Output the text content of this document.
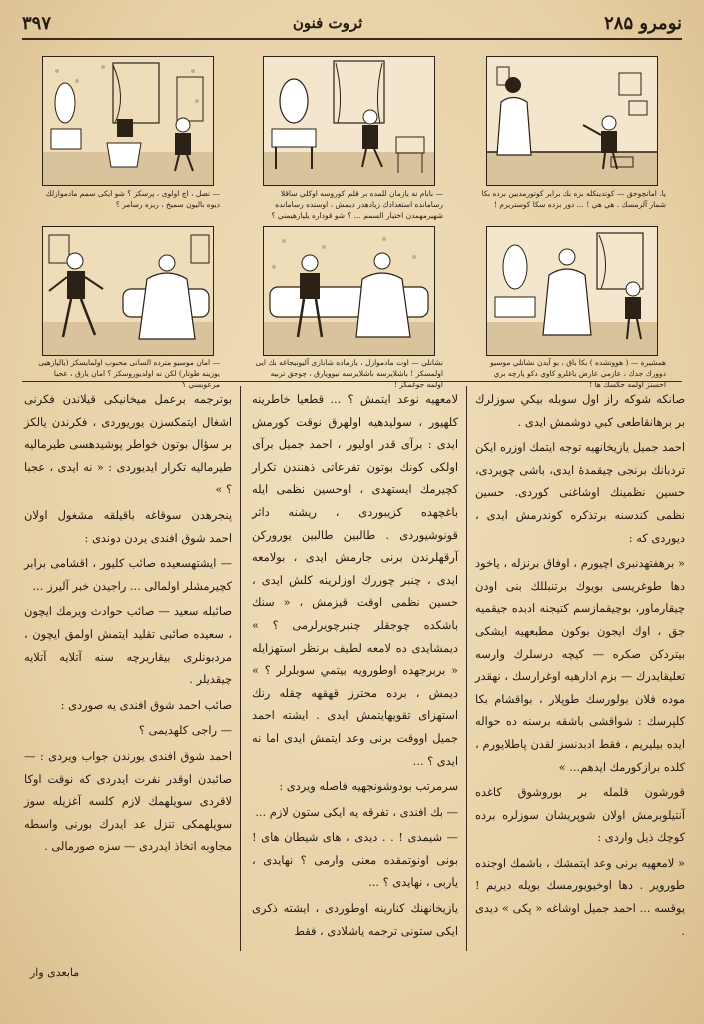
نومرو ۲۸۵
ثروت فنون
۳۹۷
يا. امانچوجق — كوتدينكله بزه بك برابر كوتورمديين برده بكا شمار آلرمسك . هي هي ! ... دور بزده سكا كوستريرم !
— بابام نه يازمان للمده بر قلم كوروسه اوكلي ساقلا رسامانده استعدادك زيادهدر ديمش ، اوسنده رسامانده شهيرمهمدن اختيار السمم ... ؟ شو قوداره يلپازهيمني ؟
— نصل ، اچ اولوى ، پرسكز ؟ شو ايكى سمم مادموازلك ديوه باليون سميخ ، ريزه رسامر ؟
همشيره — ( هوونشده ) بكا باق ، بو آيدن نشانلي موسيو دوورك جدك ، عازمي عارض ياغلرو كاوي دكو پارچه بزي احسنز اولمه جكسك ها !
نشانلي — اوت مادموازل ، يازماده شابازى آليونيجاغه بك ايى اولمسكز ! باشلايرسه باشلايرسه نيوويارق ، چوجق تربيه اولمه جوغمكز !
— امان موسيو مترده السانى محبوب اولمايسكز (يالپازهيى يوزينه طوتار) لكن نه اولديوروسكز ؟ امان يارق ، عجبا مرعوبسي ؟

صانكه شوكه راز اول سوبله بيكي سوزلرك بر برهانقاطعى كبي دوشمش ايدى .

احمد جميل يازيخانهيه توجه ايتمك اوزره ايكن تردبانك برنجى چيقمدهٔ ايدى، باشى چويردى، حسين نظمينك اوشاغنى كوردى. حسين نظمى كندسنه برتذكره كوندرمش ايدى ، ديوردى كه :

« برهفتهدنبرى اچيورم ، اوفاق برنزله ، ياخود دها طوغريسى بويوك برتنبللك بنى اودن چيقارماور، بوچيقمازسم كتيجنه ادبده جيقميه جق ، اوك ايجون بوكون مطبعهيه ايشكى بيتردكن صكره — كيچه درسلرك وارسه تعليقايدرك — بزم ادارهيه اوغرارسك ، نهقدر موده فلان بولورسك طوپلار ، بواقشام بكا كلپرسك : شواقشى باشقه برسنه ده حواله ايده بيليريم ، فقط ادبدنسز لقدن پاطلايورم ، كلده برازكورمك ايدهم... »

قورشون قلمله بر بوروشوق كاغده آنتيلوبرمش اولان شوپريشان سوزلره برده كوچك ذيل واردى :

« لامعهيه برنى وعد ايتمشك ، باشمك اوجنده طوروير . دها اوخيويورمسك بويله ديريم ! يوقسه ... احمد جميل اوشاغه « پكى » ديدى .

لامعهيه نوعد ايتمش ؟ ... قطعيا خاطرينه كلهيور ، سوليدهيه اولهرق نوقت كورمش ايدى : برآى قدر اوليور ، احمد جميل برآى اولكى كونك بوتون تفرعاتى ذهنندن تكرار كچيرمك ايستهدى ، اوحسين نظمى ايله باغچهده كزيبوردى ، ريشنه داثر قونوشيوردى . طالبين طالبين يوروركن آرقهلرندن برنى جارمش ايدى ، بولامعه ايدى ، چنبر چوررك اوزلرينه كلش ايدى ، حسين نظمى اوقت قيزمش ، « سنك باشكده چوجقلر چنبرچويرلرمى ؟ » ديمشايدى ده لامعه لطيف برنظر استهزايله « بربرجهده اوطورويه بيتمي سوبلرلر ؟ » ديمش ، برده محترز قهقهه چقله رنك استهزاى تقويهايتمش ايدى . ايشته احمد جميل اووقت برنى وعد ايتمش ايدى اما نه ايدى ؟ ...

سرمرتب بودوشونجهيه فاصله ويردى :

— بك افندى ، تفرقه يه ايكى ستون لازم ...

— شيمدى ! . . ديدى ، هاى شيطان هاى ! بونى اونوتمقده معنى وارمى ؟ نهايدى ، ياربى ، نهايدى ؟ ...

يازيخانهنك كنارينه اوطوردى ، ايشته ذكرى ايكى ستونى ترجمه ياشلادى ، فقط

بوترجمه برعمل ميخانيكى قيلاندن فكرنى اشغال ايتمكسزن يوريوردى ، فكرندن يالكز بر سؤال بوتون خواطر پوشيدهسى طيرماليه طيرماليه تكرار ايديوردى : « نه ايدى ، عجبا ؟ »

پنجرهدن سوقاغه باقيلقه مشغول اولان احمد شوق افندى يردن دوندى :

— ايشتهسعيده صائب كليور ، اقشامى برابر كچيرمشلر اولمالى ... راجيدن خبر آليرز ...

صائبله سعيد — صائب حوادث ويرمك ايچون ، سعيده صائبى تقليد ايتمش اولمق ايچون ، مردبونلرى بيقاريرچه سنه آتلايه آتلايه چيقديلر .

صائب احمد شوق افندى يه صوردى :

— راجى كلهديمى ؟

احمد شوق افندى يورندن جواب ويردى : — صائبدن اوقدر نفرت ايدردى كه نوقت اوكا لاقردى سويلهمك لازم كلسه آغزيله سوز سويلهمكى تنزل عد ايدرك بورنى واسطه مجاوبه اتخاذ ايدردى — سزه صورمالى .

مابعدى وار
